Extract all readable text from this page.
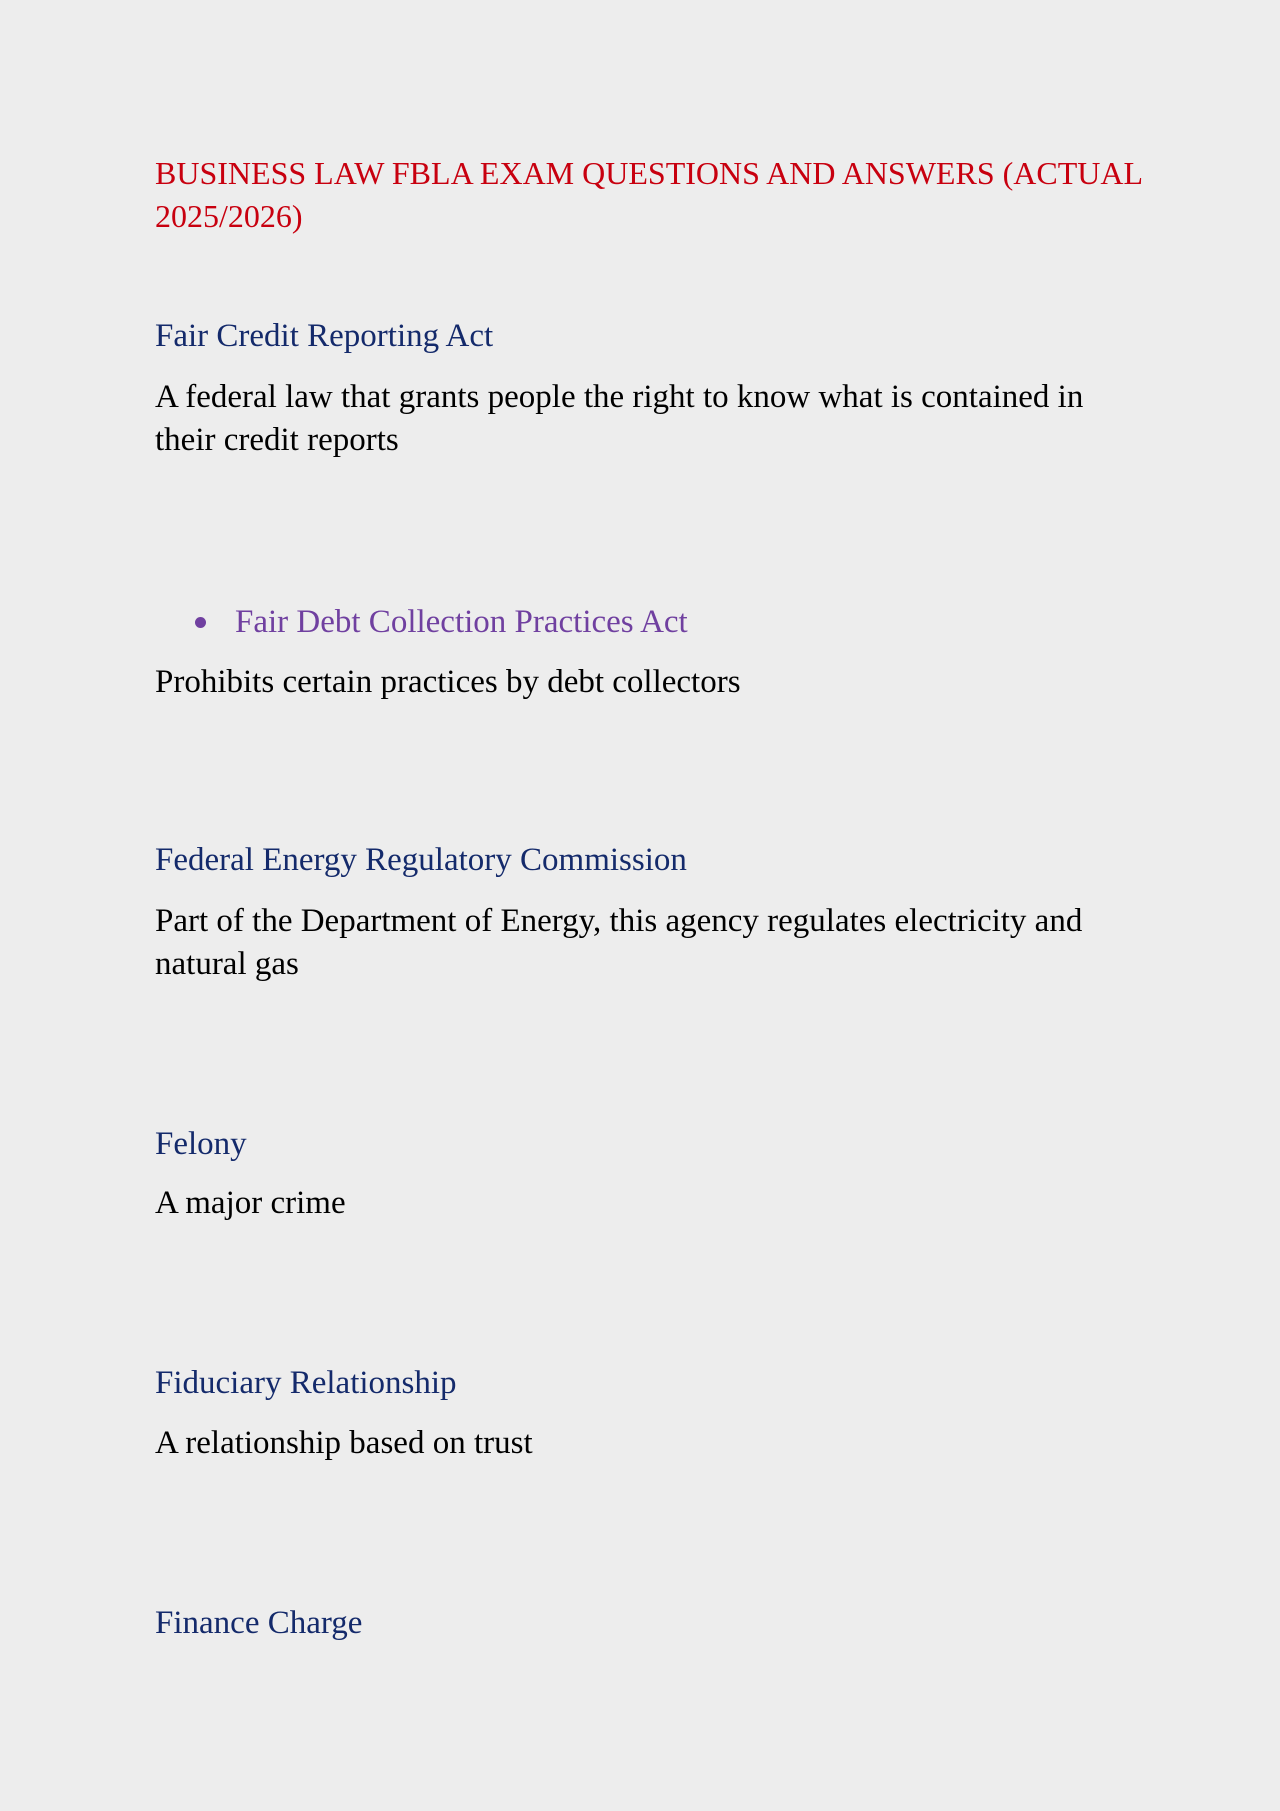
BUSINESS LAW FBLA EXAM QUESTIONS AND ANSWERS (ACTUAL 2025/2026)

Fair Credit Reporting Act

A federal law that grants people the right to know what is contained in their credit reports

Fair Debt Collection Practices Act

Prohibits certain practices by debt collectors

Federal Energy Regulatory Commission

Part of the Department of Energy, this agency regulates electricity and natural gas

Felony

A major crime

Fiduciary Relationship

A relationship based on trust

Finance Charge
